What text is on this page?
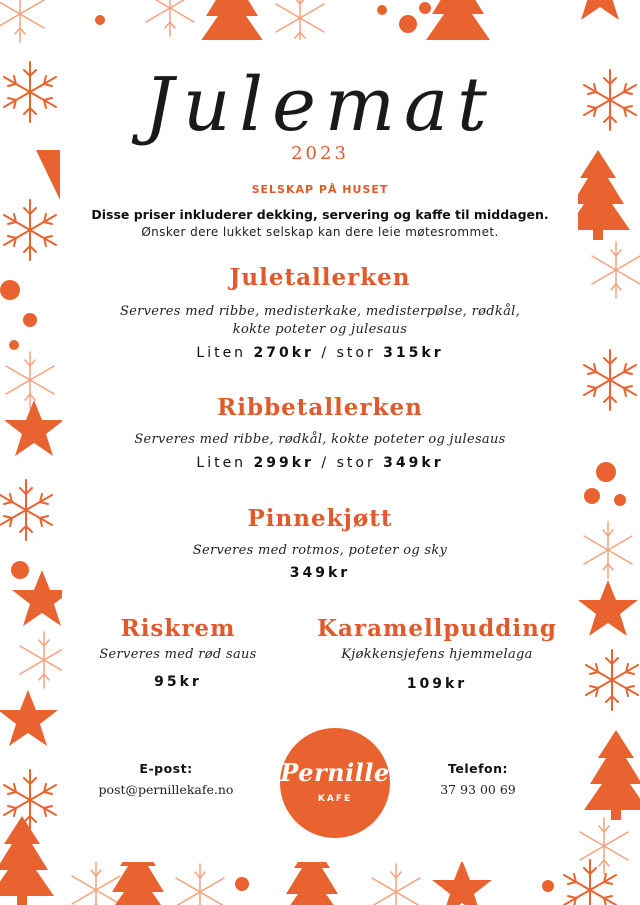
Julemat

2023

SELSKAP PÅ HUSET

Disse priser inkluderer dekking, servering og kaffe til middagen.

Ønsker dere lukket selskap kan dere leie møtesrommet.

Juletallerken

Serveres med ribbe, medisterkake, medisterpølse, rødkål,

kokte poteter og julesaus

Liten 270kr / stor 315kr

Ribbetallerken

Serveres med ribbe, rødkål, kokte poteter og julesaus

Liten 299kr / stor 349kr

Pinnekjøtt

Serveres med rotmos, poteter og sky

349kr

Riskrem

Serveres med rød saus

95kr

Karamellpudding

Kjøkkensjefens hjemmelaga

109kr

E-post:

post@pernillekafe.no

Telefon:

37 93 00 69

Pernille
KAFE
